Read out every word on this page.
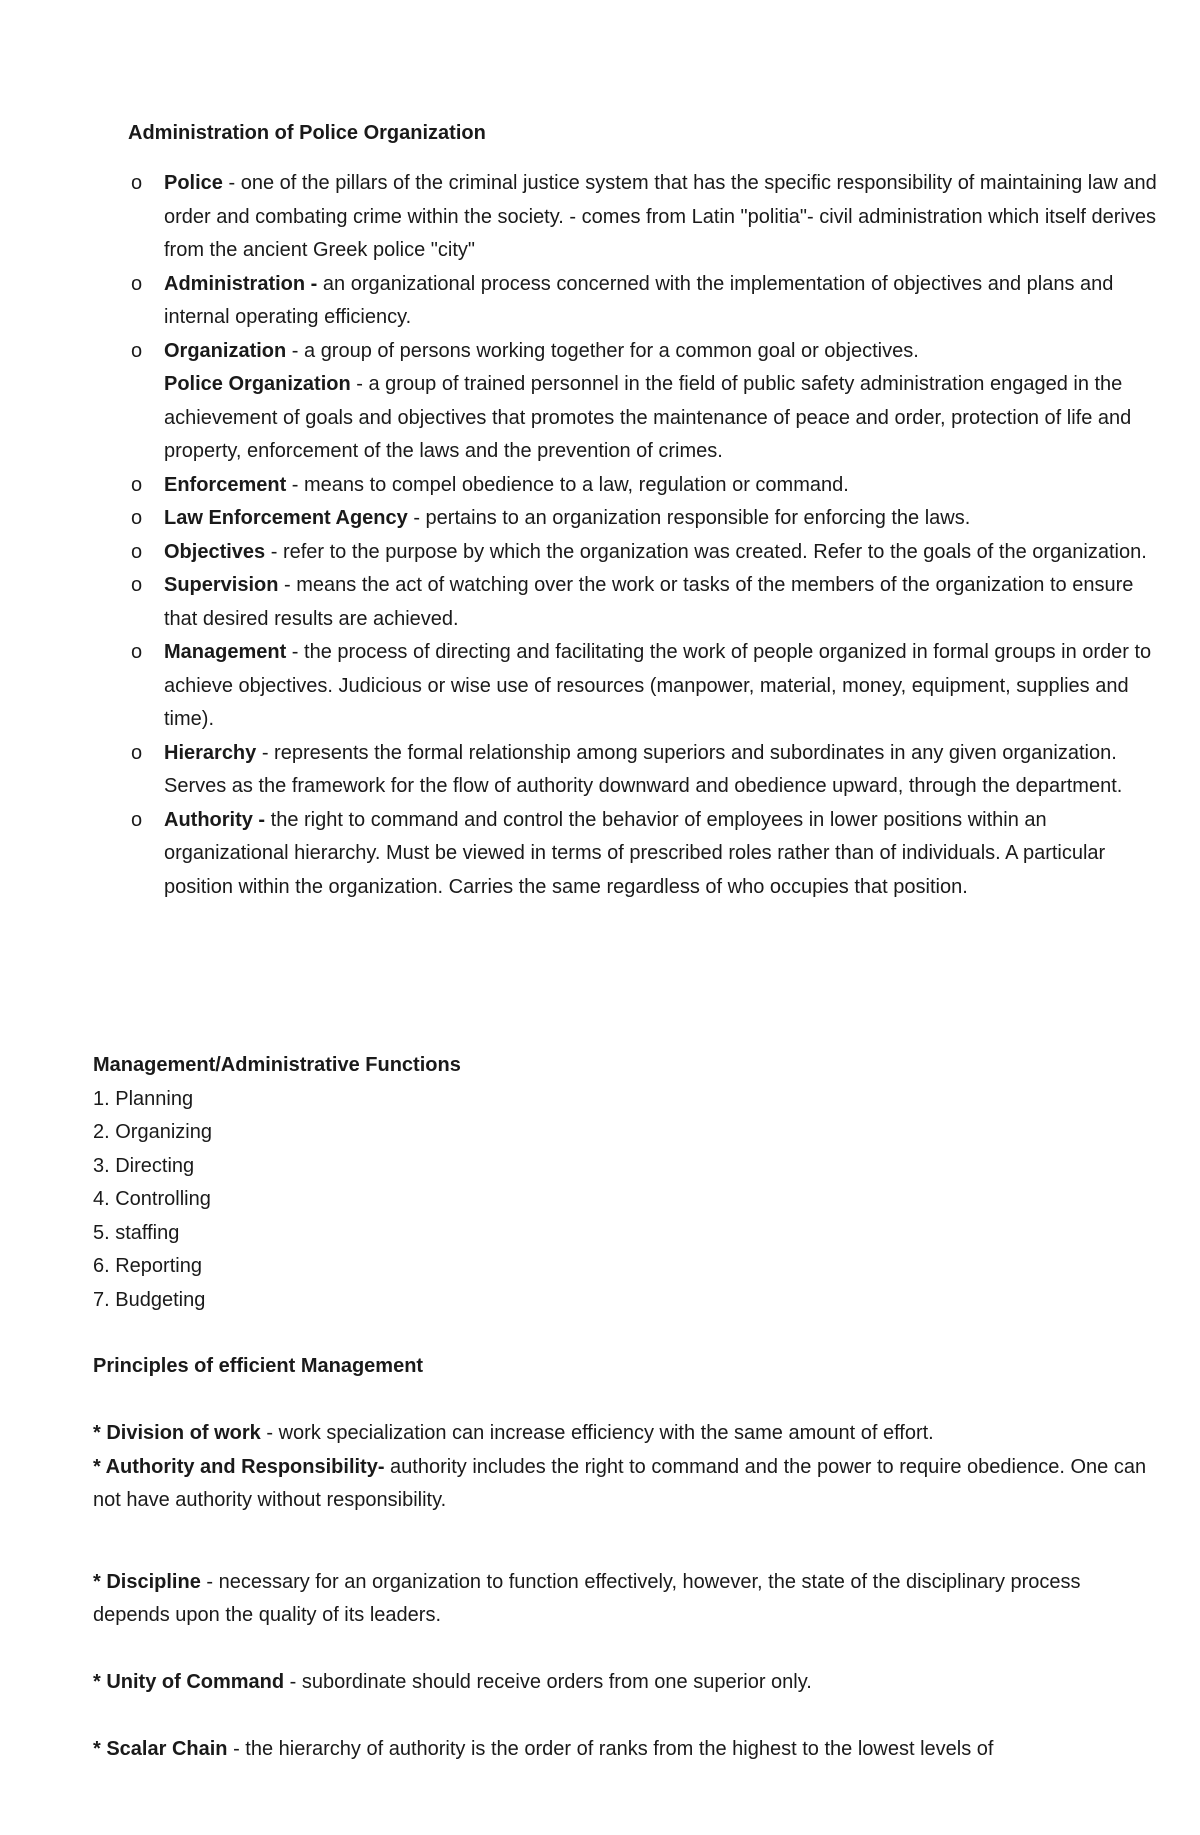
Administration of Police Organization
o Police - one of the pillars of the criminal justice system that has the specific responsibility of maintaining law and order and combating crime within the society. - comes from Latin "politia"- civil administration which itself derives from the ancient Greek police "city"
o Administration - an organizational process concerned with the implementation of objectives and plans and internal operating efficiency.
o Organization - a group of persons working together for a common goal or objectives.
Police Organization - a group of trained personnel in the field of public safety administration engaged in the achievement of goals and objectives that promotes the maintenance of peace and order, protection of life and property, enforcement of the laws and the prevention of crimes.
o Enforcement - means to compel obedience to a law, regulation or command.
o Law Enforcement Agency - pertains to an organization responsible for enforcing the laws.
o Objectives - refer to the purpose by which the organization was created. Refer to the goals of the organization.
o Supervision - means the act of watching over the work or tasks of the members of the organization to ensure that desired results are achieved.
o Management - the process of directing and facilitating the work of people organized in formal groups in order to achieve objectives. Judicious or wise use of resources (manpower, material, money, equipment, supplies and time).
o Hierarchy - represents the formal relationship among superiors and subordinates in any given organization. Serves as the framework for the flow of authority downward and obedience upward, through the department.
o Authority - the right to command and control the behavior of employees in lower positions within an organizational hierarchy. Must be viewed in terms of prescribed roles rather than of individuals. A particular position within the organization. Carries the same regardless of who occupies that position.
Management/Administrative Functions
1. Planning
2. Organizing
3. Directing
4. Controlling
5. staffing
6. Reporting
7. Budgeting
Principles of efficient Management

* Division of work - work specialization can increase efficiency with the same amount of effort.

* Authority and Responsibility- authority includes the right to command and the power to require obedience. One can not have authority without responsibility.

* Discipline - necessary for an organization to function effectively, however, the state of the disciplinary process depends upon the quality of its leaders.

* Unity of Command - subordinate should receive orders from one superior only.

* Scalar Chain - the hierarchy of authority is the order of ranks from the highest to the lowest levels of
